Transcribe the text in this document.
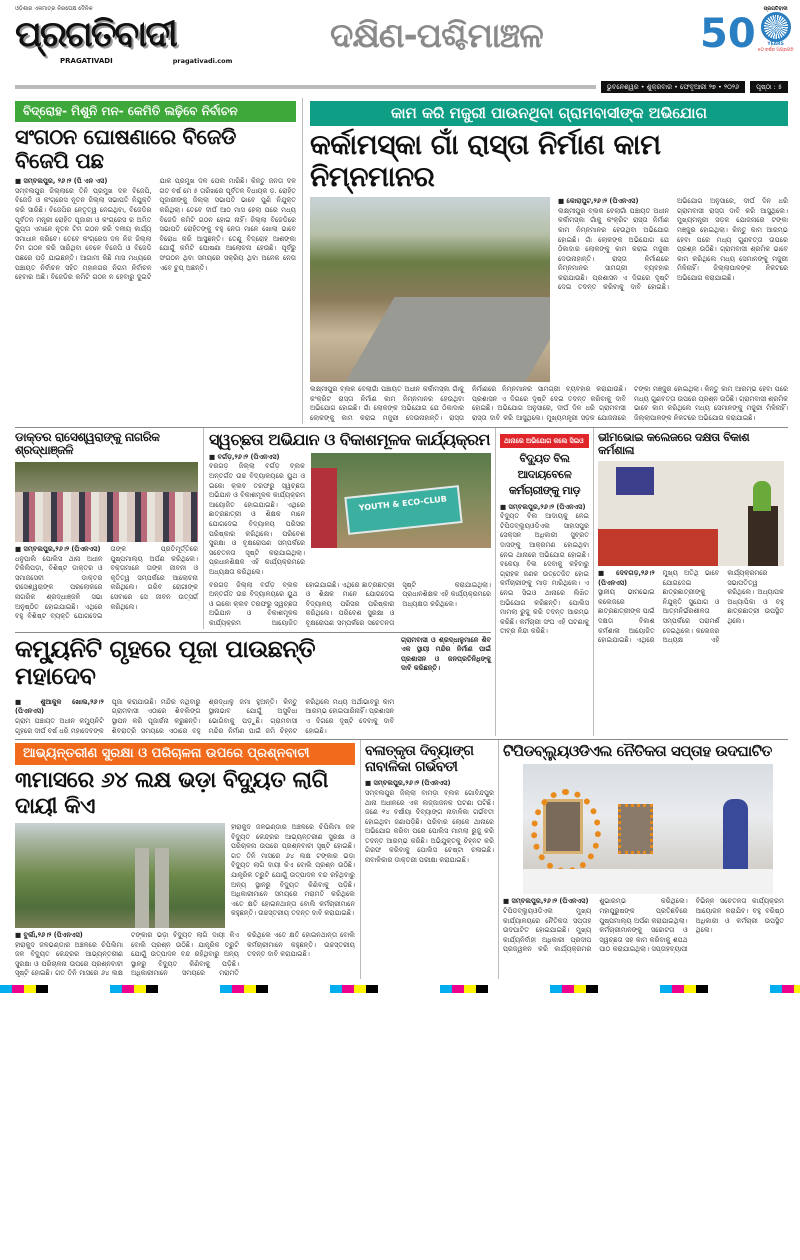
ଓଡ଼ିଶାର ଏକମାତ୍ର ନିରପେକ୍ଷ ଦୈନିକ
ପ୍ରଗତିବାଦୀ
PRAGATIVADI	pragativadi.com
ଦକ୍ଷିଣ-ପଶ୍ଚିମାଞ୍ଚଳ	50
ପ୍ରଗତିବାଦୀ
YEARS
୫୦ ବର୍ଷର ଅଗ୍ରଗତି
ଭୁବନେଶ୍ୱର • ଶୁକ୍ରବାର • ଫେବୃଆରୀ ୨୭ • ୨୦୨୬	ପୃଷ୍ଠା : ୫
ବିଦ୍ରୋହ- ମିଶୁନି ମନ- କେମିତି ଲଢ଼ିବେ ନିର୍ବାଚନ
ସଂଗଠନ ଘୋଷଣାରେ ବିଜେଡି ବିଜେପି ପଛ
■ ସମ୍ବଲପୁର, ୨୬।୨ (ପି ଏନ ଏସ)
ସମ୍ବଲପୁର ଜିଲ୍ଲାରେ ତିନି ପ୍ରମୁଖ ଦଳ ବିଜେପି, ବିଜେଡି ଓ କଂଗ୍ରେସ ନୂତନ ଜିଲ୍ଲା ସଭାପତି ନିଯୁକ୍ତି କରି ସାରିଛି। ବିଜେପିର ନେତୃତ୍ୱ ନେଇଥିବା, ବିଜେଡିର ପୂର୍ବତନ ମନ୍ତ୍ରୀ ରୋହିତ ପୂଜାରୀ ଓ କଂଗ୍ରେସ ର ଅମିତ ଗୁପ୍ତା ଏମାନେ ନୂତନ ଟିମ ଗଠନ କରି ଦଳୀୟ କାର୍ଯ୍ୟ ସମାଧାନ କରିବେ। ତେବେ କଂଗ୍ରେସ ଦଳ ନିଜ ଜିଲ୍ଲା ଟିମ ଗଠନ କରି ସାରିଥିବା ବେଳେ ବିଜେପି ଓ ବିଜେଡି ପଛରେ ପଡ଼ି ଯାଇଛନ୍ତି। ଆଗାମୀ କିଛି ମାସ ମଧ୍ୟରେ ପଞ୍ଚାୟତ ନିର୍ବାଚନ ସହିତ ମହାନଗର ନିଗମ ନିର୍ବାଚନ ହେବାର ଅଛି। ବିଜେଡିର କମିଟି ଗଠନ ନ ହେବାରୁ ଦୁଇଟି ଯାକ ପ୍ରମୁଖ ଦଳ ପେଲ ମାରିଛି। କିନ୍ତୁ ଜନତା ଦଳ ଗତ ବର୍ଷ ମେ ୫ ତାରିଖରେ ପୂର୍ବତନ ବିଧାୟକ ଡ଼. ରୋହିତ ପୂଜାରୀଙ୍କୁ ଜିଲ୍ଲା ସଭାପତି ଭାବେ ପୁଣି ନିଯୁକ୍ତ କରିଥିଲା। ତେବେ ଦୀର୍ଘ ଆଠ ମାସ ହେଲା ପରେ ମଧ୍ୟ ବିଜେଡି କମିଟି ଗଠନ ହୋଇ ନାହିଁ। ଜିଲ୍ଲା ବିଜେଡିରେ ସଭାପତି ରୋହିତଙ୍କୁ ବହୁ ନେତା ମାନେ ଖୋଲା ଭାବେ ବିରୋଧ କରି ଆସୁଛନ୍ତି। ତେଣୁ ବିଦ୍ରୋହ ଆଶଙ୍କା ଯୋଗୁଁ କମିଟି ଘୋଷଣା ଆଲୋଚନା ହେଉଛି। ପୂର୍ବରୁ ସଂଗଠନ ଥିବା ସମୟରେ ସକ୍ରିୟ ଥିବା ଅନେକ ନେତା ଏବେ ଚୁପ୍ ଅଛନ୍ତି।
କାମ କରି ମଜୁରୀ ପାଉନଥିବା ଗ୍ରାମବାସୀଙ୍କ ଅଭିଯୋଗ
କର୍କାମସ୍କା ଗାଁ ରାସ୍ତା ନିର୍ମାଣ କାମ ନିମ୍ନମାନର
■ କୋରାପୁଟ,୨୬।୨ (ପିଏନଏସ)
ଲକ୍ଷ୍ମୀପୁର ବ୍ଲକ ବେଲାଗାଁ ପଞ୍ଚାୟତ ଅଧୀନ କର୍କାମସ୍କା ଗାଁକୁ କଂକ୍ରିଟ ରାସ୍ତା ନିର୍ମାଣ କାମ ନିମ୍ନମାନର ହେଉଥିବା ଅଭିଯୋଗ ହୋଇଛି। ଗାଁ ଲୋକଙ୍କ ଅଭିଯୋଗ ଯେ ଠିକାଦାର ଲୋକଙ୍କୁ କାମ କରାଇ ମଜୁରୀ ଦେଉନାହାନ୍ତି। ରାସ୍ତା ନିର୍ମାଣରେ ନିମ୍ନମାନର ସାମଗ୍ରୀ ବ୍ୟବହାର କରାଯାଉଛି। ପ୍ରଶାସନ ଏ ଦିଗରେ ଦୃଷ୍ଟି ଦେଇ ତଦନ୍ତ କରିବାକୁ ଦାବି ହୋଇଛି। ଅଭିଯୋଗ ଅନୁସାରେ, ଦୀର୍ଘ ଦିନ ଧରି ଗ୍ରାମବାସୀ ରାସ୍ତା ଦାବି କରି ଆସୁଥିଲେ। ମୁଖ୍ୟମନ୍ତ୍ରୀ ସଡ଼କ ଯୋଜନାରେ ଟଙ୍କା ମଞ୍ଜୁର ହୋଇଥିଲା। କିନ୍ତୁ କାମ ଆରମ୍ଭ ହେବା ପରେ ମଧ୍ୟ ଗୁଣବତ୍ତା ଉପରେ ପ୍ରଶ୍ନ ଉଠିଛି। ଗ୍ରାମବାସୀ ଶ୍ରମିକ ଭାବେ କାମ କରିଥିଲେ ମଧ୍ୟ ସେମାନଙ୍କୁ ମଜୁରୀ ମିଳିନାହିଁ। ଜିଲ୍ଲାପାଳଙ୍କ ନିକଟରେ ଅଭିଯୋଗ କରାଯାଇଛି।
ଲକ୍ଷ୍ମୀପୁର ବ୍ଲକ ବେଲାଗାଁ ପଞ୍ଚାୟତ ଅଧୀନ କର୍କାମସ୍କା ଗାଁକୁ କଂକ୍ରିଟ ରାସ୍ତା ନିର୍ମାଣ କାମ ନିମ୍ନମାନର ହେଉଥିବା ଅଭିଯୋଗ ହୋଇଛି। ଗାଁ ଲୋକଙ୍କ ଅଭିଯୋଗ ଯେ ଠିକାଦାର ଲୋକଙ୍କୁ କାମ କରାଇ ମଜୁରୀ ଦେଉନାହାନ୍ତି। ରାସ୍ତା ନିର୍ମାଣରେ ନିମ୍ନମାନର ସାମଗ୍ରୀ ବ୍ୟବହାର କରାଯାଉଛି। ପ୍ରଶାସନ ଏ ଦିଗରେ ଦୃଷ୍ଟି ଦେଇ ତଦନ୍ତ କରିବାକୁ ଦାବି ହୋଇଛି। ଅଭିଯୋଗ ଅନୁସାରେ, ଦୀର୍ଘ ଦିନ ଧରି ଗ୍ରାମବାସୀ ରାସ୍ତା ଦାବି କରି ଆସୁଥିଲେ। ମୁଖ୍ୟମନ୍ତ୍ରୀ ସଡ଼କ ଯୋଜନାରେ ଟଙ୍କା ମଞ୍ଜୁର ହୋଇଥିଲା। କିନ୍ତୁ କାମ ଆରମ୍ଭ ହେବା ପରେ ମଧ୍ୟ ଗୁଣବତ୍ତା ଉପରେ ପ୍ରଶ୍ନ ଉଠିଛି। ଗ୍ରାମବାସୀ ଶ୍ରମିକ ଭାବେ କାମ କରିଥିଲେ ମଧ୍ୟ ସେମାନଙ୍କୁ ମଜୁରୀ ମିଳିନାହିଁ। ଜିଲ୍ଲାପାଳଙ୍କ ନିକଟରେ ଅଭିଯୋଗ କରାଯାଇଛି।
ଡାକ୍ତର ରାସେଶ୍ୱରାଙ୍କୁ ନାଗରିକ ଶ୍ରଦ୍ଧାଞ୍ଜଳି
■ ସମ୍ବଲପୁର,୨୬।୨ (ପିଏନଏସ)
ଧନୁପାଲି ପୋଲିସ ଥାନା ଅଧୀନ ଟିକିଲିପଡ଼ା, ବିଶିଷ୍ଟ ଡାକ୍ତର ଓ ସମାଜସେବୀ ଡାକ୍ତର ରାସେଶ୍ୱରାଙ୍କ ପରଲୋକରେ ନାଗରିକ ଶ୍ରଦ୍ଧାଞ୍ଜଳି ସଭା ଅନୁଷ୍ଠିତ ହୋଇଯାଇଛି। ଏଥିରେ ବହୁ ବିଶିଷ୍ଟ ବ୍ୟକ୍ତି ଯୋଗଦେଇ ତାଙ୍କ ପ୍ରତିମୂର୍ତ୍ତିରେ ପୁଷ୍ପମାଲ୍ୟ ଅର୍ପଣ କରିଥିଲେ। ବକ୍ତାମାନେ ତାଙ୍କ ଜୀବନୀ ଓ କୃତିତ୍ୱ ସମ୍ପର୍କରେ ଆଲୋଚନା କରିଥିଲେ। ଗରିବ ରୋଗୀଙ୍କ ସେବାରେ ସେ ଜୀବନ ଉତ୍ସର୍ଗ କରିଥିଲେ।
ସ୍ୱଚ୍ଛତା ଅଭିଯାନ ଓ ବିକାଶମୂଳକ କାର୍ଯ୍ୟକ୍ରମ
■ ବର୍ଗଡ଼,୨୬।୨ (ପିଏନଏସ)
ବରଗଡ଼ ଜିଲ୍ଲା ବର୍ଗଡ଼ ବ୍ଲକ ଅନ୍ତର୍ଗତ ଉଚ୍ଚ ବିଦ୍ୟାଳୟରେ ୟୁଥ ଓ ଇକୋ କ୍ଲବ ତରଫରୁ ସ୍ୱଚ୍ଛତା ଅଭିଯାନ ଓ ବିକାଶମୂଳକ କାର୍ଯ୍ୟକ୍ରମ ଆୟୋଜିତ ହୋଇଯାଇଛି। ଏଥିରେ ଛାତ୍ରଛାତ୍ରୀ ଓ ଶିକ୍ଷକ ମାନେ ଯୋଗଦେଇ ବିଦ୍ୟାଳୟ ପରିସର ପରିଷ୍କାର କରିଥିଲେ। ପରିବେଶ ସୁରକ୍ଷା ଓ ବୃକ୍ଷରୋପଣ ସମ୍ପର୍କରେ ସଚେତନତା ସୃଷ୍ଟି କରାଯାଇଥିଲା। ପ୍ରଧାନଶିକ୍ଷକ ଏହି କାର୍ଯ୍ୟକ୍ରମରେ ଅଧ୍ୟକ୍ଷତା କରିଥିଲେ।
YOUTH & ECO-CLUB
ବରଗଡ଼ ଜିଲ୍ଲା ବର୍ଗଡ଼ ବ୍ଲକ ଅନ୍ତର୍ଗତ ଉଚ୍ଚ ବିଦ୍ୟାଳୟରେ ୟୁଥ ଓ ଇକୋ କ୍ଲବ ତରଫରୁ ସ୍ୱଚ୍ଛତା ଅଭିଯାନ ଓ ବିକାଶମୂଳକ କାର୍ଯ୍ୟକ୍ରମ ଆୟୋଜିତ ହୋଇଯାଇଛି। ଏଥିରେ ଛାତ୍ରଛାତ୍ରୀ ଓ ଶିକ୍ଷକ ମାନେ ଯୋଗଦେଇ ବିଦ୍ୟାଳୟ ପରିସର ପରିଷ୍କାର କରିଥିଲେ। ପରିବେଶ ସୁରକ୍ଷା ଓ ବୃକ୍ଷରୋପଣ ସମ୍ପର୍କରେ ସଚେତନତା ସୃଷ୍ଟି କରାଯାଇଥିଲା। ପ୍ରଧାନଶିକ୍ଷକ ଏହି କାର୍ଯ୍ୟକ୍ରମରେ ଅଧ୍ୟକ୍ଷତା କରିଥିଲେ।
କମ୍ୟୁନିଟି ଗୃହରେ ପୂଜା ପାଉଛନ୍ତି ମହାଦେବ
ଗ୍ରାମବାସୀ ଓ ଶ୍ରଦ୍ଧାଳୁମାନେ ଶିବ ଏକ ସ୍ଥାୟୀ ମନ୍ଦିର ନିର୍ମାଣ ପାଇଁ ପ୍ରଶାସନ ଓ ଜନପ୍ରତିନିଧିଙ୍କୁ ଦାବି କରିଛନ୍ତି।
■ ଶୁଆକୁଳ ଖୋଲ,୨୬।୨ (ପିଏନଏସ)
ଗ୍ରାମ ପଞ୍ଚାୟତ ଅଧୀନ କମ୍ୟୁନିଟି ଗୃହରେ ଦୀର୍ଘ ବର୍ଷ ଧରି ମହାଦେବଙ୍କ ପୂଜା କରାଯାଉଛି। ମନ୍ଦିର ନଥିବାରୁ ଗ୍ରାମବାସୀ ଏଠାରେ ଶିବଲିଙ୍ଗ ସ୍ଥାପନ କରି ପୂଜାର୍ଚ୍ଚନା କରୁଛନ୍ତି। ଶିବରାତ୍ରି ସମୟରେ ଏଠାରେ ବହୁ ଶ୍ରଦ୍ଧାଳୁ ଜମା ହୁଅନ୍ତି। କିନ୍ତୁ ସ୍ଥାନାଭାବ ଯୋଗୁଁ ଅସୁବିଧା ଭୋଗିବାକୁ ପଡ଼ୁଛି। ଗ୍ରାମବାସୀ ମନ୍ଦିର ନିର୍ମାଣ ପାଇଁ ଜମି ଚିହ୍ନଟ କରିଥିଲେ ମଧ୍ୟ ଅର୍ଥାଭାବରୁ କାମ ଆରମ୍ଭ ହୋଇପାରିନାହିଁ। ପ୍ରଶାସନ ଏ ଦିଗରେ ଦୃଷ୍ଟି ଦେବାକୁ ଦାବି ହୋଇଛି।
ଥାନାରେ ଅଭିଯୋଗ କଲେ ସିଇଓ
ବିଦ୍ୟୁତ ବିଲ ଆଦାୟବେଳେ କର୍ମଚାରୀଙ୍କୁ ମାଡ଼
■ ସମ୍ବଲପୁର,୨୬।୨ (ପିଏନଏସ)
ବିଦ୍ୟୁତ ବିଲ ଆଦାୟକୁ ନେଇ ଟିପିଡବ୍ଲ୍ୟୁଓଡିଏଲ ସାହାସପୁର ସେକ୍ସନ ଅଧିକାରୀ ସୁବ୍ରତ ଦାସଙ୍କୁ ଆକ୍ରମଣ ହୋଇଥିବା ନେଇ ଥାନାରେ ଅଭିଯୋଗ ହୋଇଛି। ବକେୟା ବିଲ ଦେବାକୁ କହିବାରୁ ଗ୍ରାହକ ଜଣକ ଉତ୍ତେଜିତ ହୋଇ କର୍ମଚାରୀଙ୍କୁ ମାଡ଼ ମାରିଥିଲେ। ଏ ନେଇ ସିଇଓ ଥାନାରେ ଲିଖିତ ଅଭିଯୋଗ କରିଛନ୍ତି। ପୋଲିସ ମାମଲା ରୁଜୁ କରି ତଦନ୍ତ ଆରମ୍ଭ କରିଛି। କର୍ମଚାରୀ ସଂଘ ଏହି ଘଟଣାକୁ ତୀବ୍ର ନିନ୍ଦା କରିଛି।
ଭୀମଭୋଇ କଲେଜରେ ଦକ୍ଷତା ବିକାଶ କର୍ମଶାଳା
■ ଦେବଗଡ଼,୨୬।୨ (ପିଏନଏସ)
ସ୍ଥାନୀୟ ଭୀମଭୋଇ କଲେଜରେ ଛାତ୍ରଛାତ୍ରୀଙ୍କ ପାଇଁ ଦକ୍ଷତା ବିକାଶ କର୍ମଶାଳା ଆୟୋଜିତ ହୋଇଯାଇଛି। ଏଥିରେ ମୁଖ୍ୟ ଅତିଥି ଭାବେ ଯୋଗଦେଇ ଛାତ୍ରଛାତ୍ରୀଙ୍କୁ ନିଯୁକ୍ତି ସୁଯୋଗ ଓ ଆତ୍ମନିର୍ଭରଶୀଳତା ସମ୍ପର୍କରେ ପରାମର୍ଶ ଦେଇଥିଲେ। କଲେଜର ଅଧ୍ୟକ୍ଷ ଏହି କାର୍ଯ୍ୟକ୍ରମରେ ସଭାପତିତ୍ୱ କରିଥିଲେ। ଅଧ୍ୟାପକ ଅଧ୍ୟାପିକା ଓ ବହୁ ଛାତ୍ରଛାତ୍ରୀ ଉପସ୍ଥିତ ଥିଲେ।
ଆଭ୍ୟନ୍ତରୀଣ ସୁରକ୍ଷା ଓ ପରିଚାଳନା ଉପରେ ପ୍ରଶ୍ନବାଚୀ
୩ମାସରେ ୬୪ ଲକ୍ଷ ଭଡ଼ା ବିଦ୍ୟୁତ ଲାଗି ଦାୟୀ କିଏ
ହୀରାକୁଦ ଜଳଭଣ୍ଡାର ଅଞ୍ଚଳରେ ଚିପିଲିମା ଜଳ ବିଦ୍ୟୁତ କେନ୍ଦ୍ରର ଆଭ୍ୟନ୍ତରୀଣ ସୁରକ୍ଷା ଓ ପରିଚାଳନା ଉପରେ ପ୍ରଶ୍ନବାଚୀ ସୃଷ୍ଟି ହୋଇଛି। ଗତ ତିନି ମାସରେ ୬୪ ଲକ୍ଷ ଟଙ୍କାର ଭଡ଼ା ବିଦ୍ୟୁତ ଲାଗି ଦାୟୀ କିଏ ବୋଲି ପ୍ରଶ୍ନ ଉଠିଛି। ଯାନ୍ତ୍ରିକ ତ୍ରୁଟି ଯୋଗୁଁ ଉତ୍ପାଦନ ବନ୍ଦ ରହିଥିବାରୁ ଅନ୍ୟ ସ୍ଥାନରୁ ବିଦ୍ୟୁତ କିଣିବାକୁ ପଡ଼ିଛି। ଅଧିକାରୀମାନେ ସମୟରେ ମରାମତି କରିଥିଲେ ଏତେ କ୍ଷତି ହୋଇନଥାନ୍ତା ବୋଲି କର୍ମଚାରୀମାନେ କହୁଛନ୍ତି। ଉଚ୍ଚସ୍ତରୀୟ ତଦନ୍ତ ଦାବି କରାଯାଇଛି।
■ ବୁର୍ଲା,୨୬।୨ (ପିଏନଏସ)
ହୀରାକୁଦ ଜଳଭଣ୍ଡାର ଅଞ୍ଚଳରେ ଚିପିଲିମା ଜଳ ବିଦ୍ୟୁତ କେନ୍ଦ୍ରର ଆଭ୍ୟନ୍ତରୀଣ ସୁରକ୍ଷା ଓ ପରିଚାଳନା ଉପରେ ପ୍ରଶ୍ନବାଚୀ ସୃଷ୍ଟି ହୋଇଛି। ଗତ ତିନି ମାସରେ ୬୪ ଲକ୍ଷ ଟଙ୍କାର ଭଡ଼ା ବିଦ୍ୟୁତ ଲାଗି ଦାୟୀ କିଏ ବୋଲି ପ୍ରଶ୍ନ ଉଠିଛି। ଯାନ୍ତ୍ରିକ ତ୍ରୁଟି ଯୋଗୁଁ ଉତ୍ପାଦନ ବନ୍ଦ ରହିଥିବାରୁ ଅନ୍ୟ ସ୍ଥାନରୁ ବିଦ୍ୟୁତ କିଣିବାକୁ ପଡ଼ିଛି। ଅଧିକାରୀମାନେ ସମୟରେ ମରାମତି କରିଥିଲେ ଏତେ କ୍ଷତି ହୋଇନଥାନ୍ତା ବୋଲି କର୍ମଚାରୀମାନେ କହୁଛନ୍ତି। ଉଚ୍ଚସ୍ତରୀୟ ତଦନ୍ତ ଦାବି କରାଯାଇଛି।
ବଳାତ୍କୃତା ଦିବ୍ୟାଙ୍ଗ
ନାବାଳିକା ଗର୍ଭବତୀ
■ ସମ୍ବଲପୁର,୨୬।୨ (ପିଏନଏସ)
ସମ୍ବଲପୁର ଜିଲ୍ଲା ବାମଡ଼ା ବ୍ଲକ ଗୋବିନ୍ଦପୁର ଥାନା ଅଧୀନରେ ଏକ ଲଜ୍ଜାଜନକ ଘଟଣା ଘଟିଛି। ଜଣେ ୧୪ ବର୍ଷୀୟା ଦିବ୍ୟାଙ୍ଗ ନାବାଳିକା ଗର୍ଭବତୀ ହୋଇଥିବା ଜଣାପଡ଼ିଛି। ପରିବାର ଲୋକେ ଥାନାରେ ଅଭିଯୋଗ କରିବା ପରେ ପୋଲିସ ମାମଲା ରୁଜୁ କରି ତଦନ୍ତ ଆରମ୍ଭ କରିଛି। ଅଭିଯୁକ୍ତକୁ ଚିହ୍ନଟ କରି ଗିରଫ କରିବାକୁ ପୋଲିସ ଚେଷ୍ଟା ଚଳାଇଛି। ନାବାଳିକାର ଡାକ୍ତରୀ ପରୀକ୍ଷା କରାଯାଇଛି।
ଟିପିଡବ୍ଲ୍ୟୁଓଡିଏଲ ନୈତିକତା ସପ୍ତାହ ଉଦଘାଟିତ
■ ସମ୍ବଲପୁର,୨୬।୨ (ପିଏନଏସ)
ଟିପିଡବ୍ଲ୍ୟୁଓଡିଏଲ ମୁଖ୍ୟ କାର୍ଯ୍ୟାଳୟରେ ନୈତିକତା ସପ୍ତାହ ଉଦଘାଟିତ ହୋଇଯାଇଛି। ମୁଖ୍ୟ କାର୍ଯ୍ୟନିର୍ବାହୀ ଅଧିକାରୀ ପ୍ରଦୀପ ପ୍ରଜ୍ୱଳନ କରି କାର୍ଯ୍ୟକ୍ରମର ଶୁଭାରମ୍ଭ କରିଥିଲେ। ମହାପୁରୁଷଙ୍କ ପ୍ରତିଛବିରେ ପୁଷ୍ପମାଲ୍ୟ ଅର୍ପଣ କରାଯାଇଥିଲା। କର୍ମଚାରୀମାନଙ୍କୁ ସଚ୍ଚୋଟତା ଓ ସ୍ୱଚ୍ଛତା ସହ କାମ କରିବାକୁ ଶପଥ ପାଠ କରାଯାଇଥିଲା। ସପ୍ତାହବ୍ୟାପୀ ବିଭିନ୍ନ ସଚେତନତା କାର୍ଯ୍ୟକ୍ରମ ଆୟୋଜନ କରାଯିବ। ବହୁ ବରିଷ୍ଠ ଅଧିକାରୀ ଓ କର୍ମଚାରୀ ଉପସ୍ଥିତ ଥିଲେ।
